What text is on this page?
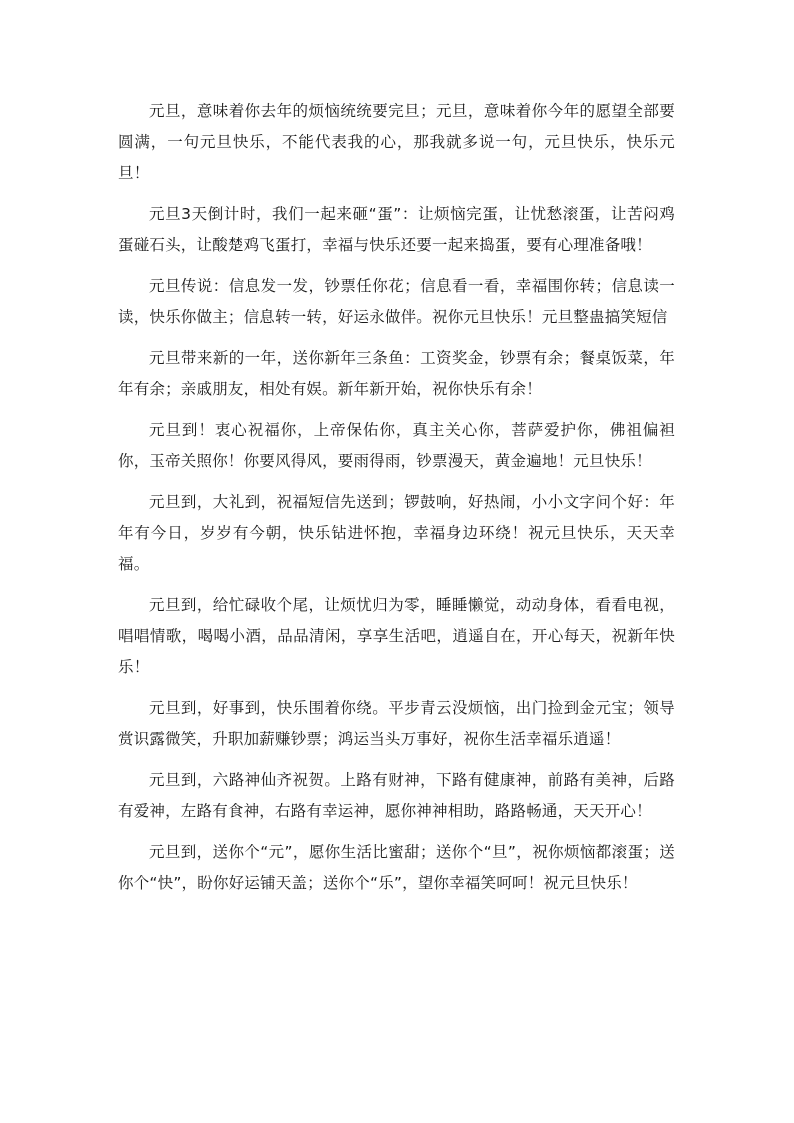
元旦，意味着你去年的烦恼统统要完旦；元旦，意味着你今年的愿望全部要圆满，一句元旦快乐，不能代表我的心，那我就多说一句，元旦快乐，快乐元旦！

元旦3天倒计时，我们一起来砸“蛋”：让烦恼完蛋，让忧愁滚蛋，让苦闷鸡蛋碰石头，让酸楚鸡飞蛋打，幸福与快乐还要一起来捣蛋，要有心理准备哦！

元旦传说：信息发一发，钞票任你花；信息看一看，幸福围你转；信息读一读，快乐你做主；信息转一转，好运永做伴。祝你元旦快乐！元旦整蛊搞笑短信

元旦带来新的一年，送你新年三条鱼：工资奖金，钞票有余；餐桌饭菜，年年有余；亲戚朋友，相处有娱。新年新开始，祝你快乐有余！

元旦到！衷心祝福你，上帝保佑你，真主关心你，菩萨爱护你，佛祖偏袒你，玉帝关照你！你要风得风，要雨得雨，钞票漫天，黄金遍地！元旦快乐！

元旦到，大礼到，祝福短信先送到；锣鼓响，好热闹，小小文字问个好：年年有今日，岁岁有今朝，快乐钻进怀抱，幸福身边环绕！祝元旦快乐，天天幸福。

元旦到，给忙碌收个尾，让烦忧归为零，睡睡懒觉，动动身体，看看电视，唱唱情歌，喝喝小酒，品品清闲，享享生活吧，逍遥自在，开心每天，祝新年快乐！

元旦到，好事到，快乐围着你绕。平步青云没烦恼，出门捡到金元宝；领导赏识露微笑，升职加薪赚钞票；鸿运当头万事好，祝你生活幸福乐逍遥！

元旦到，六路神仙齐祝贺。上路有财神，下路有健康神，前路有美神，后路有爱神，左路有食神，右路有幸运神，愿你神神相助，路路畅通，天天开心！

元旦到，送你个“元”，愿你生活比蜜甜；送你个“旦”，祝你烦恼都滚蛋；送你个“快”，盼你好运铺天盖；送你个“乐”，望你幸福笑呵呵！祝元旦快乐！
